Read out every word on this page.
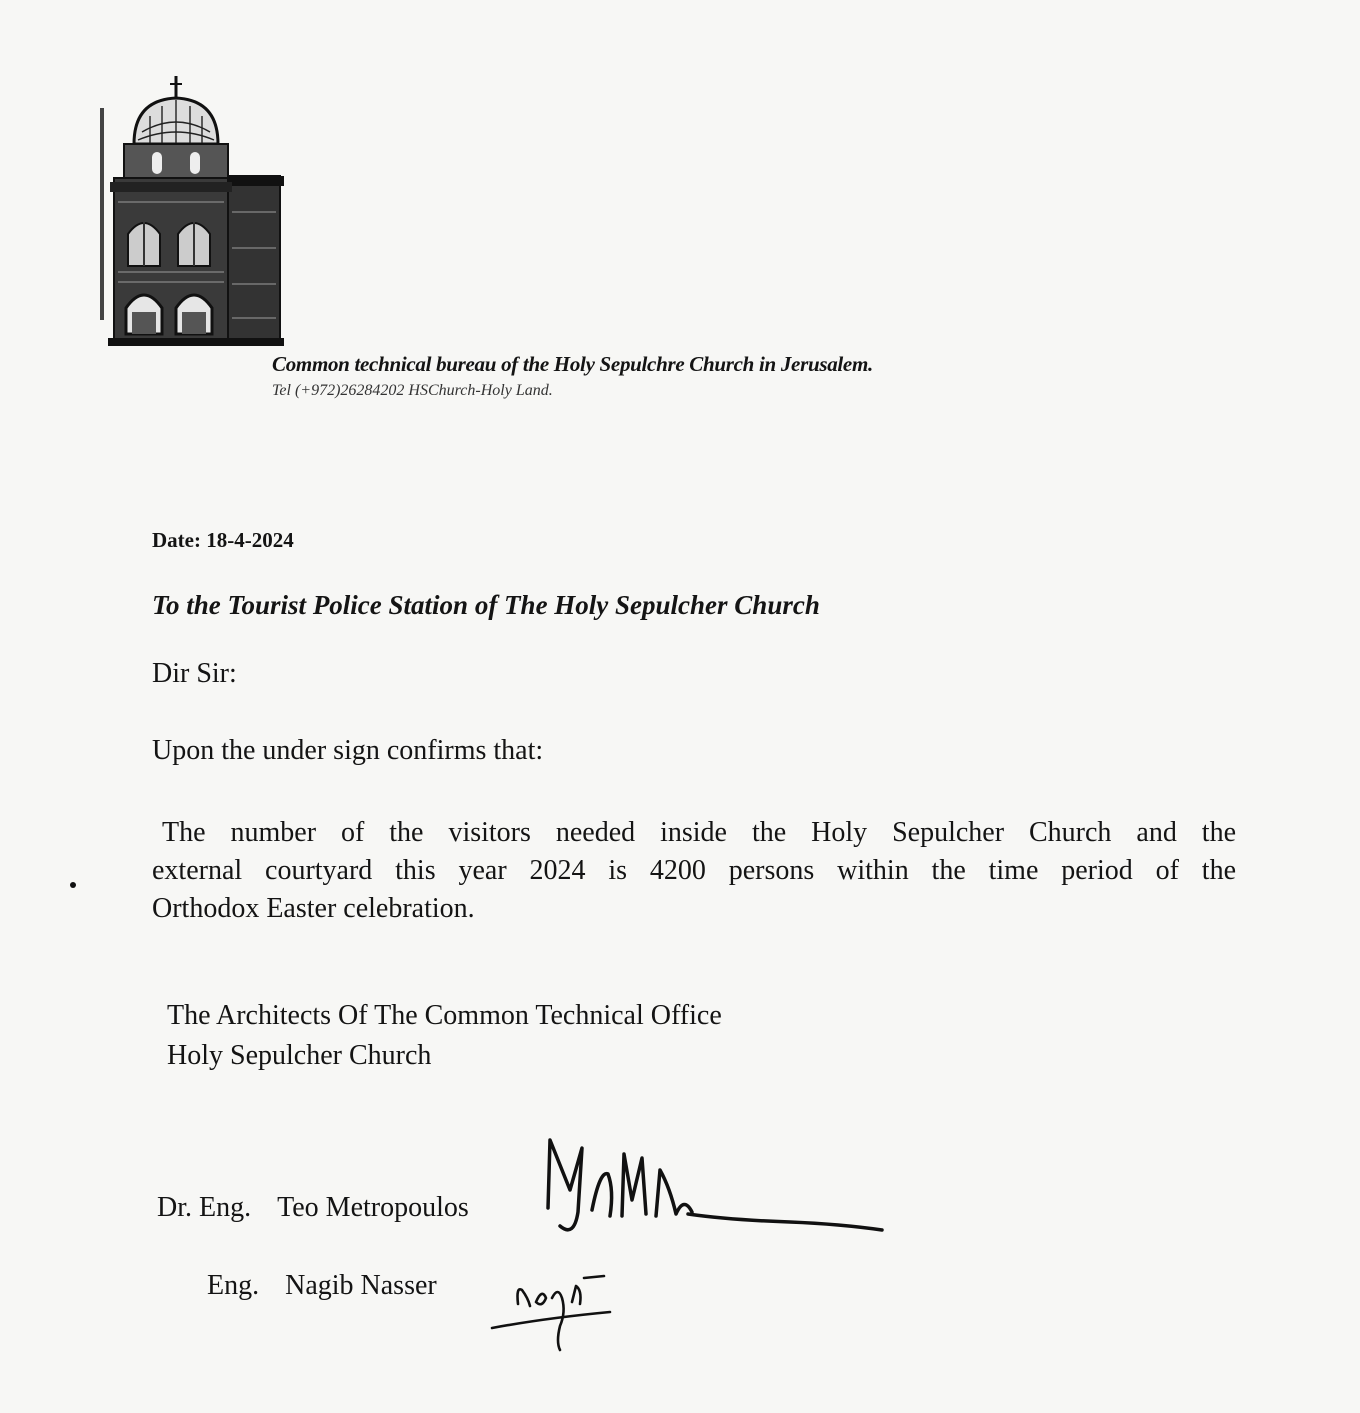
Common technical bureau of the Holy Sepulchre Church in Jerusalem.
Tel (+972)26284202 HSChurch-Holy Land.
Date: 18-4-2024
To the Tourist Police Station of The Holy Sepulcher Church
Dir Sir:
Upon the under sign confirms that:
The number of the visitors needed inside the Holy Sepulcher Church and the
external courtyard this year 2024 is 4200 persons within the time period of the
Orthodox Easter celebration.
The Architects Of The Common Technical Office
Holy Sepulcher Church
Dr. Eng. Teo Metropoulos
Eng. Nagib Nasser
